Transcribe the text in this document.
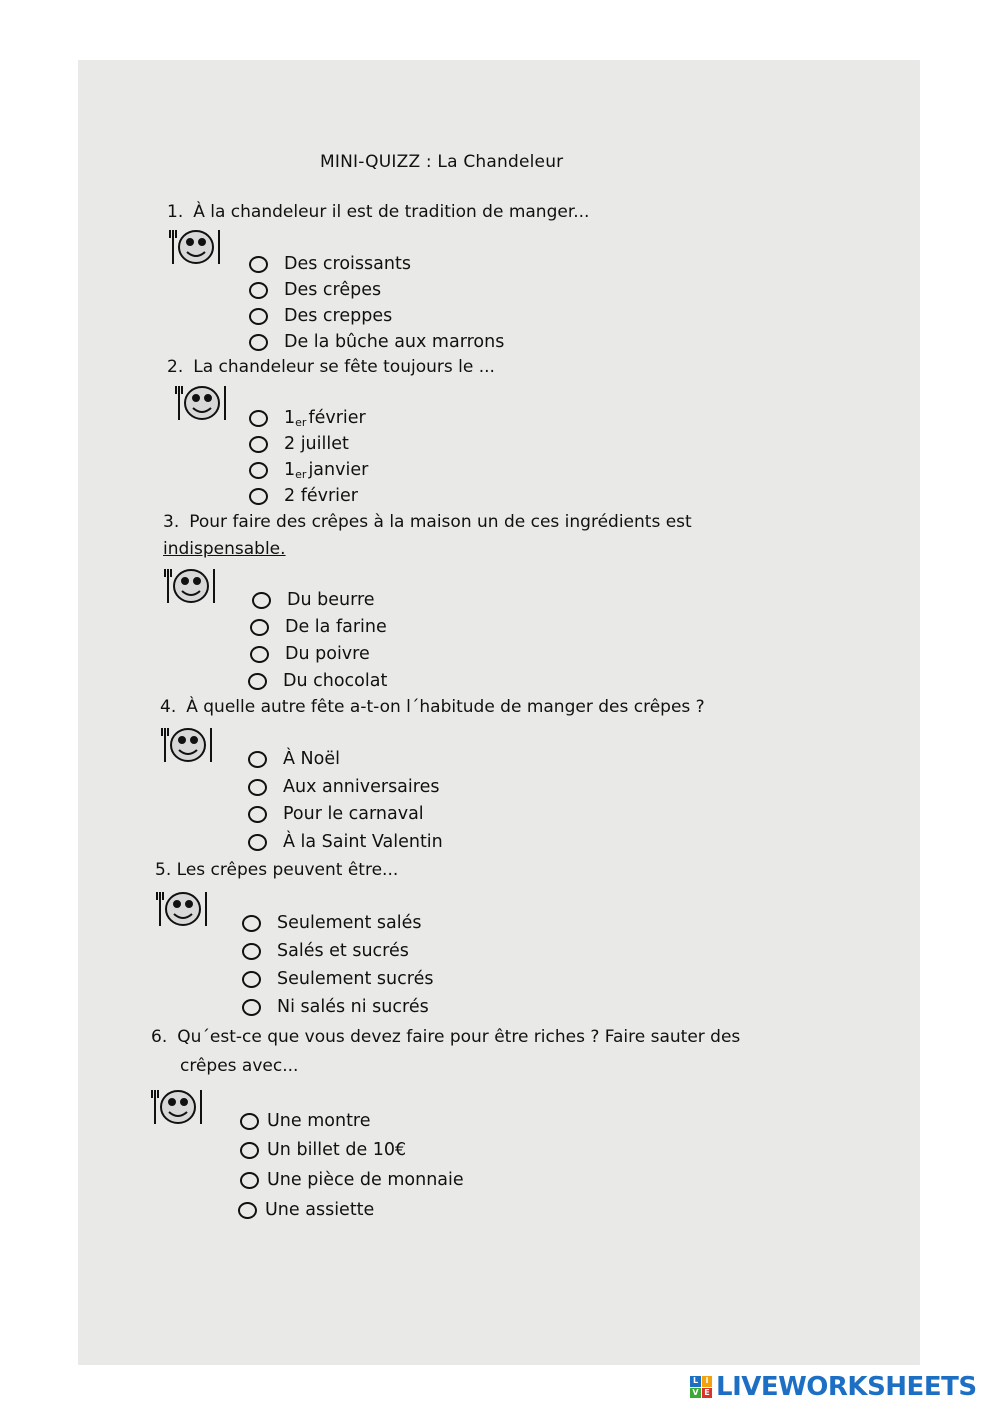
MINI-QUIZZ : La Chandeleur
1. À la chandeleur il est de tradition de manger...
Des croissants
Des crêpes
Des creppes
De la bûche aux marrons
2. La chandeleur se fête toujours le ...
$1_{er}$ février
2 juillet
$1_{er}$ janvier
2 février
3. Pour faire des crêpes à la maison un de ces ingrédients est
indispensable.
Du beurre
De la farine
Du poivre
Du chocolat
4. À quelle autre fête a-t-on l´habitude de manger des crêpes ?
À Noël
Aux anniversaires
Pour le carnaval
À la Saint Valentin
5. Les crêpes peuvent être...
Seulement salés
Salés et sucrés
Seulement sucrés
Ni salés ni sucrés
6. Qu´est-ce que vous devez faire pour être riches ? Faire sauter des
crêpes avec...
Une montre
Un billet de 10€
Une pièce de monnaie
Une assiette
L I
V E LIVEWORKSHEETS
